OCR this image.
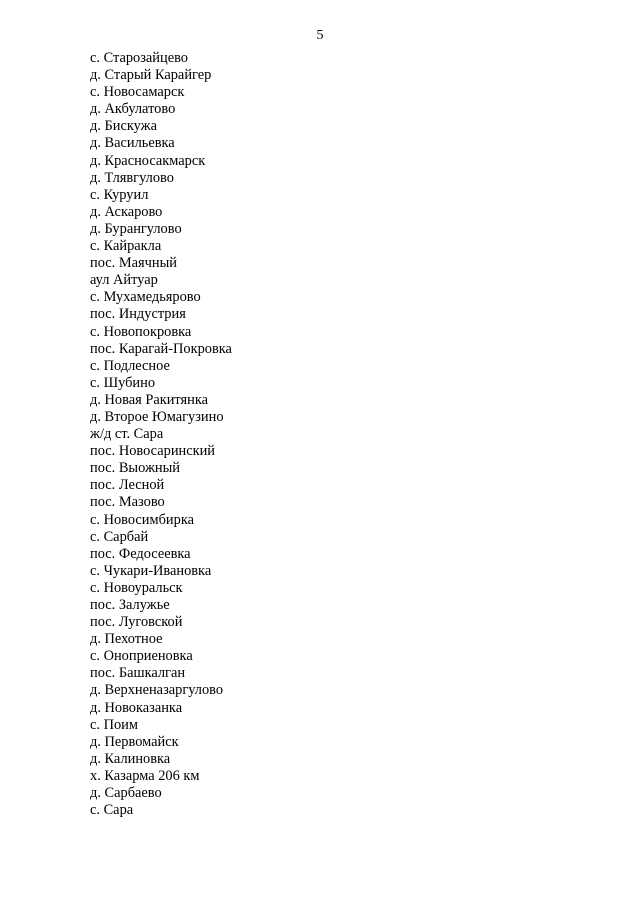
5
с. Старозайцево
д. Старый Карайгер
с. Новосамарск
д. Акбулатово
д. Бискужа
д. Васильевка
д. Красносакмарск
д. Тлявгулово
с. Куруил
д. Аскарово
д. Бурангулово
с. Кайракла
пос. Маячный
аул Айтуар
с. Мухамедьярово
пос. Индустрия
с. Новопокровка
пос. Карагай-Покровка
с. Подлесное
с. Шубино
д. Новая Ракитянка
д. Второе Юмагузино
ж/д ст. Сара
пос. Новосаринский
пос. Выожный
пос. Лесной
пос. Мазово
с. Новосимбирка
с. Сарбай
пос. Федосеевка
с. Чукари-Ивановка
с. Новоуральск
пос. Залужье
пос. Луговской
д. Пехотное
с. Оноприеновка
пос. Башкалган
д. Верхненазаргулово
д. Новоказанка
с. Поим
д. Первомайск
д. Калиновка
х. Казарма 206 км
д. Сарбаево
с. Сара
